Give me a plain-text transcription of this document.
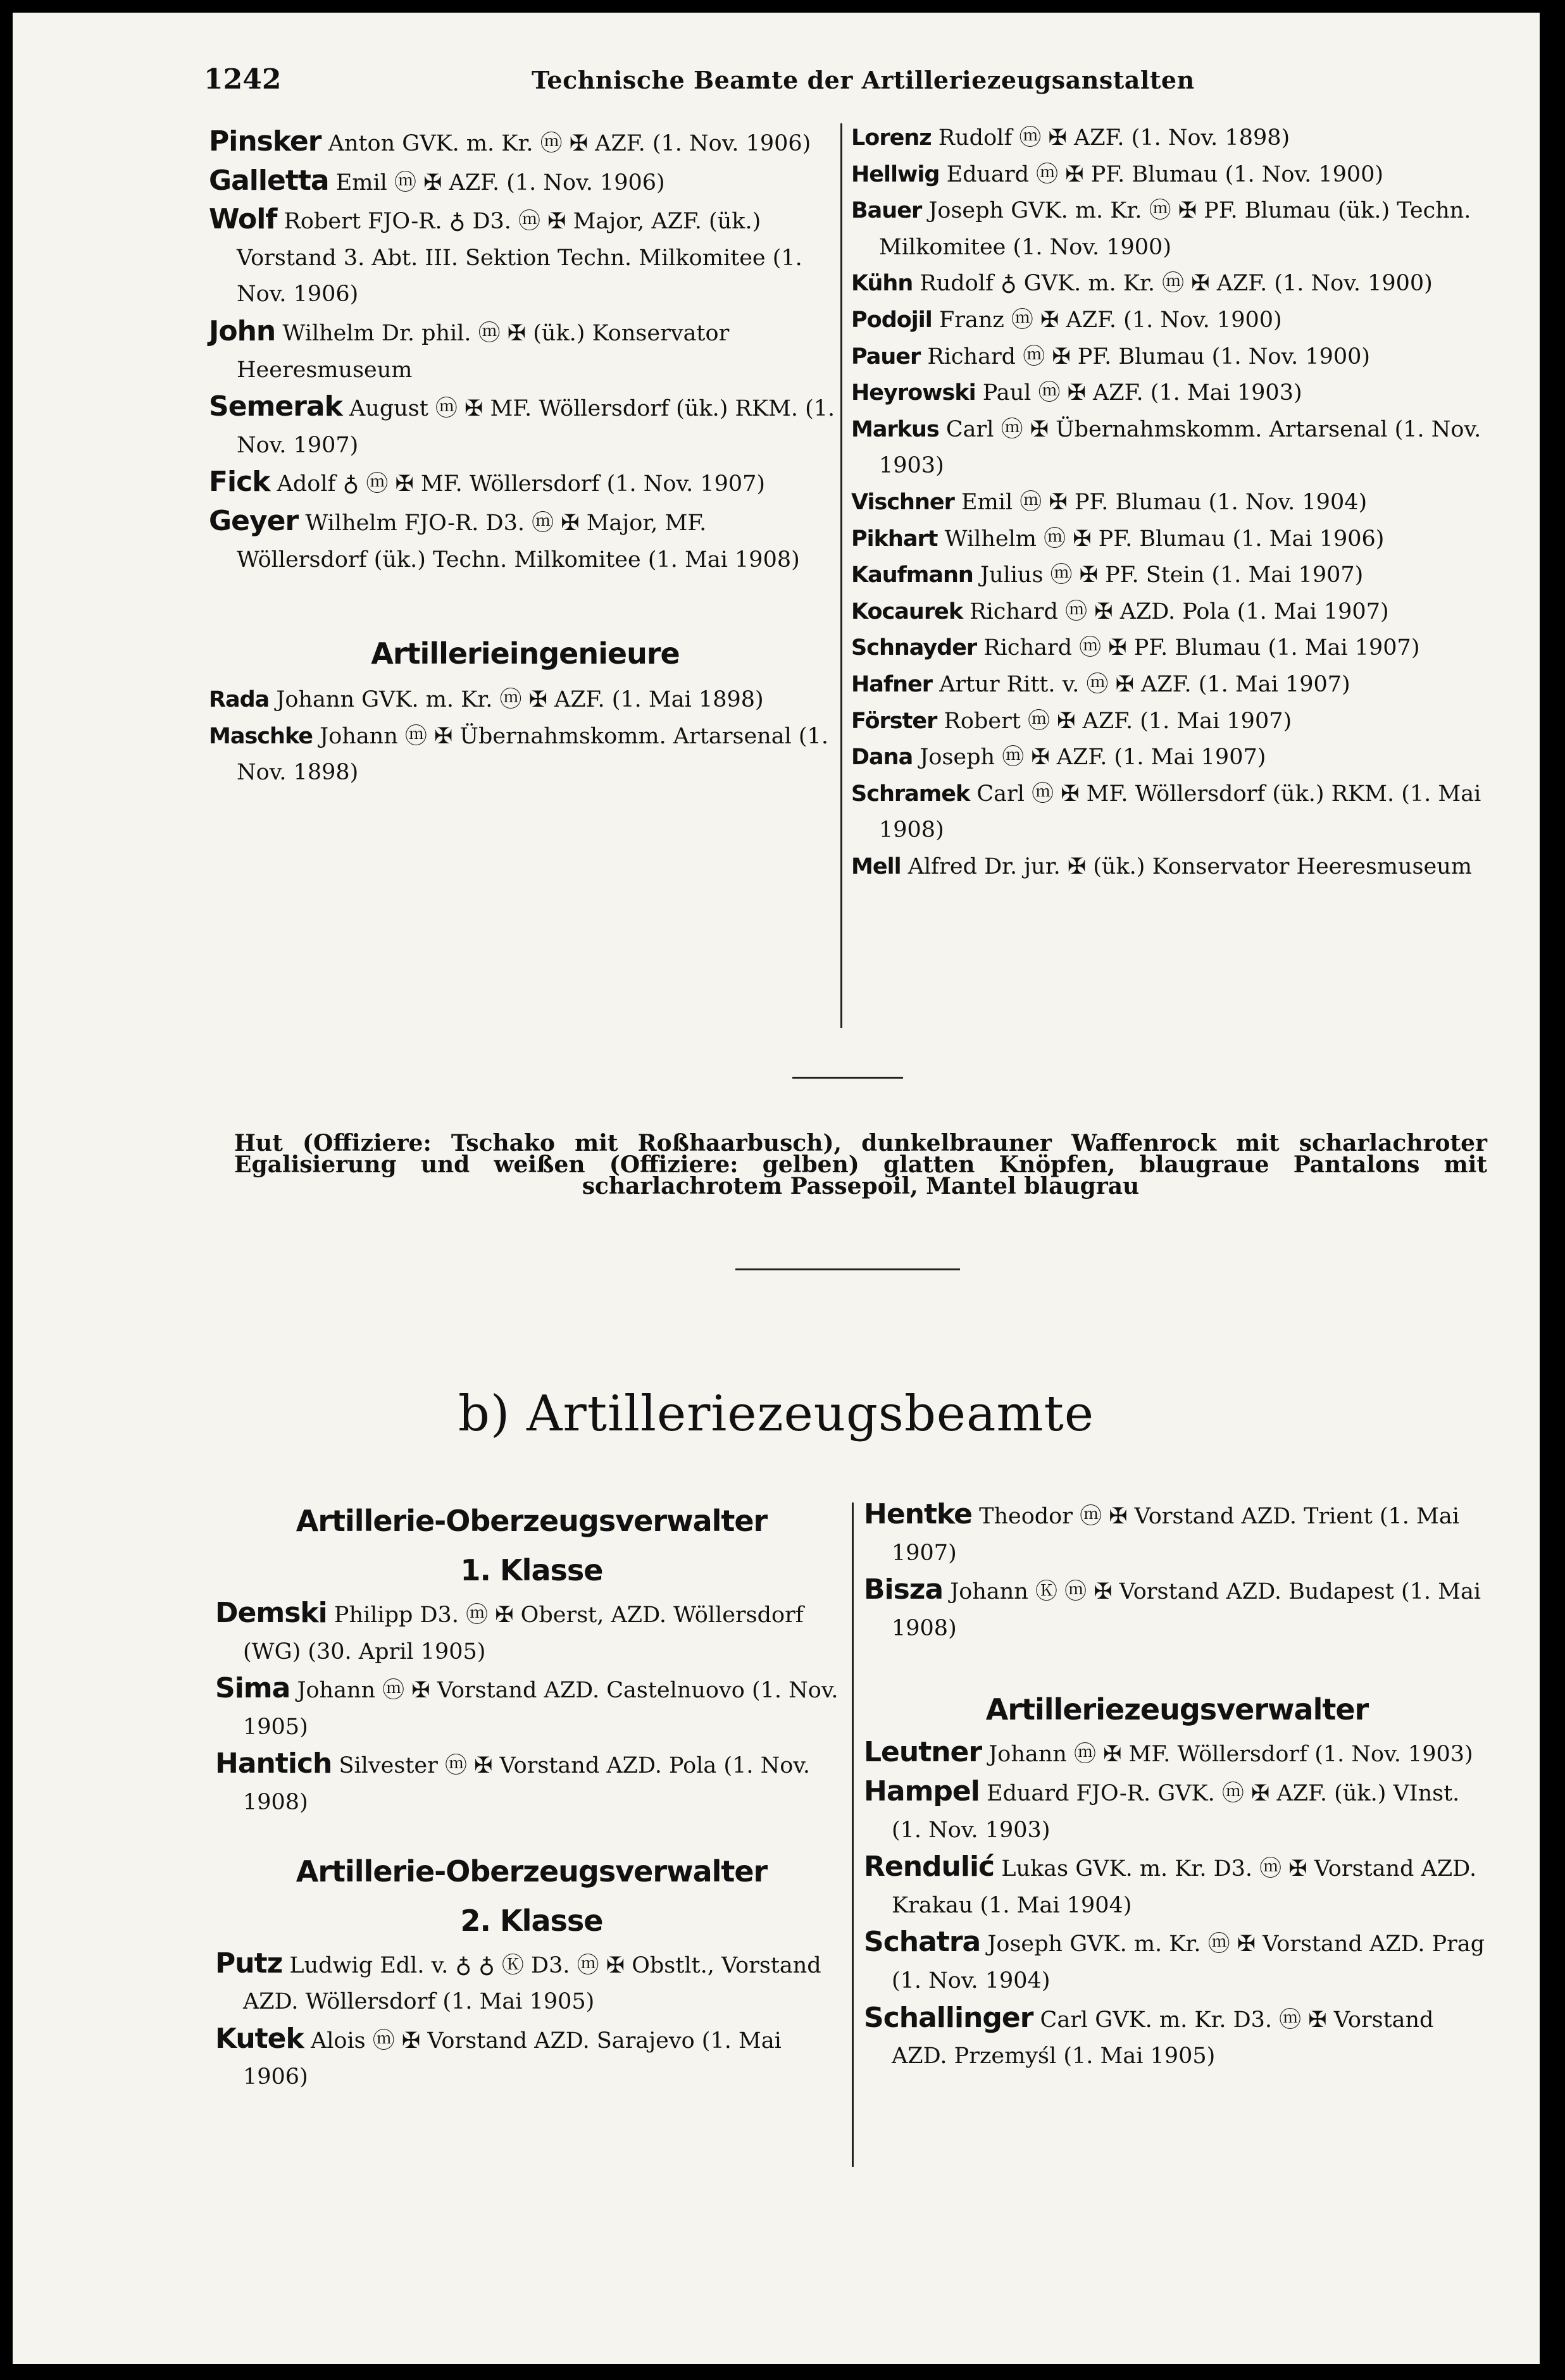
1242	Technische Beamte der Artilleriezeugsanstalten
Pinsker Anton GVK. m. Kr. ⓜ ✠ AZF. (1. Nov. 1906)
Galletta Emil ⓜ ✠ AZF. (1. Nov. 1906)
Wolf Robert FJO-R. ♁ D3. ⓜ ✠ Major, AZF. (ük.) Vorstand 3. Abt. III. Sektion Techn. Milkomitee (1. Nov. 1906)
John Wilhelm Dr. phil. ⓜ ✠ (ük.) Konservator Heeresmuseum
Semerak August ⓜ ✠ MF. Wöllersdorf (ük.) RKM. (1. Nov. 1907)
Fick Adolf ♁ ⓜ ✠ MF. Wöllersdorf (1. Nov. 1907)
Geyer Wilhelm FJO-R. D3. ⓜ ✠ Major, MF. Wöllersdorf (ük.) Techn. Milkomitee (1. Mai 1908)
Artillerieingenieure
Rada Johann GVK. m. Kr. ⓜ ✠ AZF. (1. Mai 1898)
Maschke Johann ⓜ ✠ Übernahmskomm. Artarsenal (1. Nov. 1898)
Lorenz Rudolf ⓜ ✠ AZF. (1. Nov. 1898)
Hellwig Eduard ⓜ ✠ PF. Blumau (1. Nov. 1900)
Bauer Joseph GVK. m. Kr. ⓜ ✠ PF. Blumau (ük.) Techn. Milkomitee (1. Nov. 1900)
Kühn Rudolf ♁ GVK. m. Kr. ⓜ ✠ AZF. (1. Nov. 1900)
Podojil Franz ⓜ ✠ AZF. (1. Nov. 1900)
Pauer Richard ⓜ ✠ PF. Blumau (1. Nov. 1900)
Heyrowski Paul ⓜ ✠ AZF. (1. Mai 1903)
Markus Carl ⓜ ✠ Übernahmskomm. Artarsenal (1. Nov. 1903)
Vischner Emil ⓜ ✠ PF. Blumau (1. Nov. 1904)
Pikhart Wilhelm ⓜ ✠ PF. Blumau (1. Mai 1906)
Kaufmann Julius ⓜ ✠ PF. Stein (1. Mai 1907)
Kocaurek Richard ⓜ ✠ AZD. Pola (1. Mai 1907)
Schnayder Richard ⓜ ✠ PF. Blumau (1. Mai 1907)
Hafner Artur Ritt. v. ⓜ ✠ AZF. (1. Mai 1907)
Förster Robert ⓜ ✠ AZF. (1. Mai 1907)
Dana Joseph ⓜ ✠ AZF. (1. Mai 1907)
Schramek Carl ⓜ ✠ MF. Wöllersdorf (ük.) RKM. (1. Mai 1908)
Mell Alfred Dr. jur. ✠ (ük.) Konservator Heeresmuseum
Hut (Offiziere: Tschako mit Roßhaarbusch), dunkelbrauner Waffenrock mit scharlachroter Egalisierung und weißen (Offiziere: gelben) glatten Knöpfen, blaugraue Pantalons mit scharlachrotem Passepoil, Mantel blaugrau
b) Artilleriezeugsbeamte
Artillerie-Oberzeugsverwalter
1. Klasse
Demski Philipp D3. ⓜ ✠ Oberst, AZD. Wöllersdorf (WG) (30. April 1905)
Sima Johann ⓜ ✠ Vorstand AZD. Castelnuovo (1. Nov. 1905)
Hantich Silvester ⓜ ✠ Vorstand AZD. Pola (1. Nov. 1908)
Artillerie-Oberzeugsverwalter
2. Klasse
Putz Ludwig Edl. v. ♁ ♁ Ⓚ D3. ⓜ ✠ Obstlt., Vorstand AZD. Wöllersdorf (1. Mai 1905)
Kutek Alois ⓜ ✠ Vorstand AZD. Sarajevo (1. Mai 1906)
Hentke Theodor ⓜ ✠ Vorstand AZD. Trient (1. Mai 1907)
Bisza Johann Ⓚ ⓜ ✠ Vorstand AZD. Budapest (1. Mai 1908)
Artilleriezeugsverwalter
Leutner Johann ⓜ ✠ MF. Wöllersdorf (1. Nov. 1903)
Hampel Eduard FJO-R. GVK. ⓜ ✠ AZF. (ük.) VInst. (1. Nov. 1903)
Rendulić Lukas GVK. m. Kr. D3. ⓜ ✠ Vorstand AZD. Krakau (1. Mai 1904)
Schatra Joseph GVK. m. Kr. ⓜ ✠ Vorstand AZD. Prag (1. Nov. 1904)
Schallinger Carl GVK. m. Kr. D3. ⓜ ✠ Vorstand AZD. Przemyśl (1. Mai 1905)
